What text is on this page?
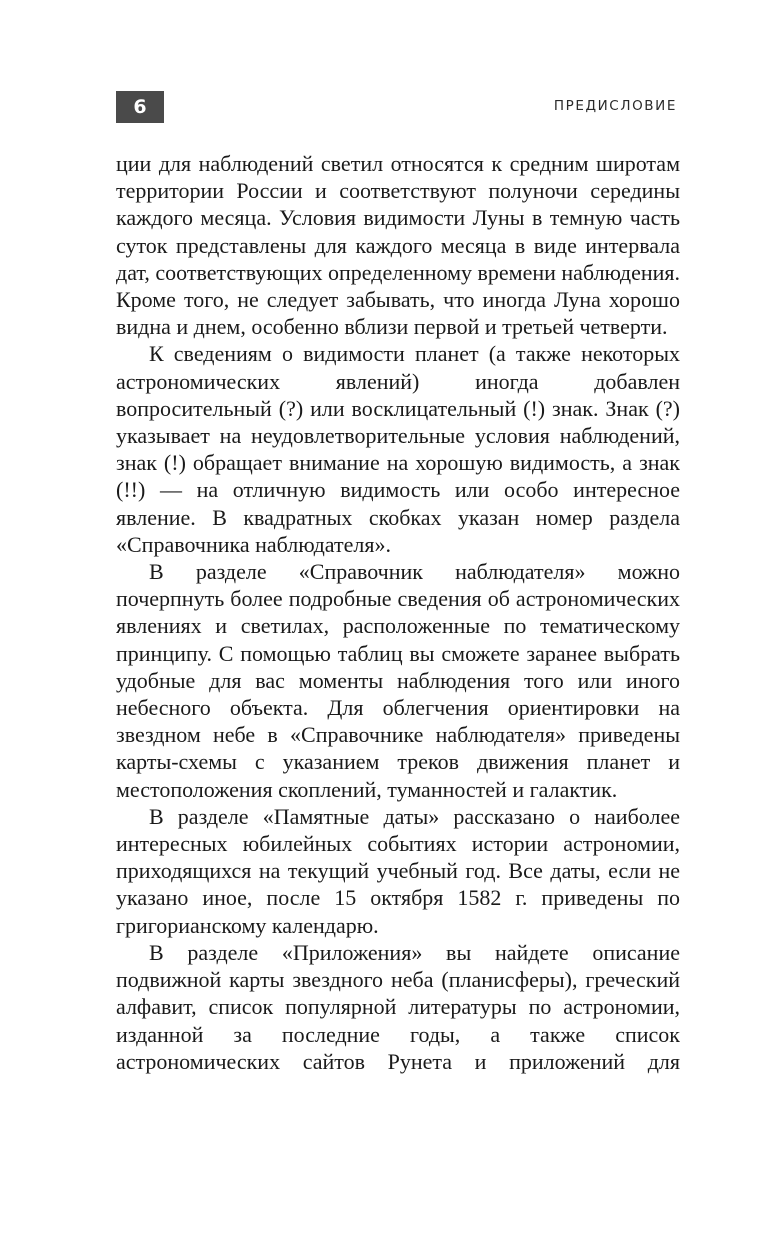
6	ПРЕДИСЛОВИЕ

ции для наблюдений светил относятся к средним широтам территории России и соответствуют полуночи середины каждого месяца. Условия видимости Луны в темную часть суток представлены для каждого месяца в виде интервала дат, соответствующих определенному времени наблюдения. Кроме того, не следует забывать, что иногда Луна хорошо видна и днем, особенно вблизи первой и третьей четверти.

К сведениям о видимости планет (а также некоторых астрономических явлений) иногда добавлен вопросительный (?) или восклицательный (!) знак. Знак (?) указывает на неудовлетворительные условия наблюдений, знак (!) обращает внимание на хорошую видимость, а знак (!!) — на отличную видимость или особо интересное явление. В квадратных скобках указан номер раздела «Справочника наблюдателя».

В разделе «Справочник наблюдателя» можно почерпнуть более подробные сведения об астрономических явлениях и светилах, расположенные по тематическому принципу. С помощью таблиц вы сможете заранее выбрать удобные для вас моменты наблюдения того или иного небесного объекта. Для облегчения ориентировки на звездном небе в «Справочнике наблюдателя» приведены карты-схемы с указанием треков движения планет и местоположения скоплений, туманностей и галактик.

В разделе «Памятные даты» рассказано о наиболее интересных юбилейных событиях истории астрономии, приходящихся на текущий учебный год. Все даты, если не указано иное, после 15 октября 1582 г. приведены по григорианскому календарю.

В разделе «Приложения» вы найдете описание подвижной карты звездного неба (планисферы), греческий алфавит, список популярной литературы по астрономии, изданной за последние годы, а также список астрономических сайтов Рунета и приложений для
